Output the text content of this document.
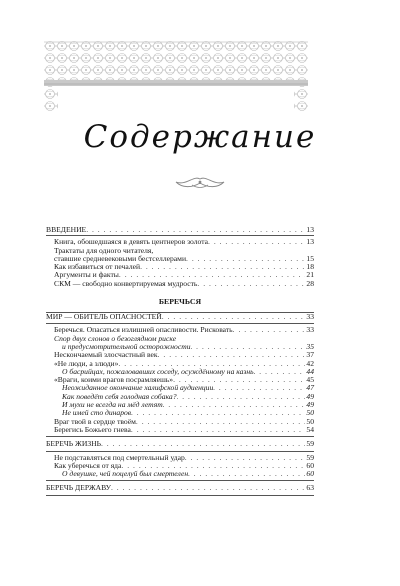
Содержание
ВВЕДЕНИЕ . . .	13
Книга, обошедшаяся в девять центнеров золота . . .	13
Трактаты для одного читателя,
ставшие средневековыми бестселлерами . . .	15
Как избавиться от печалей . . .	18
Аргументы и факты . . .	21
СКМ — свободно конвертируемая мудрость . . .	28
БЕРЕЧЬСЯ
МИР — ОБИТЕЛЬ ОПАСНОСТЕЙ . . .	33
Беречься. Опасаться излишней опасливости. Рисковать . . .	33
Спор двух слонов о безоглядном риске
и предусмотрительной осторожности . . .	35
Нескончаемый злосчастный век . . .	37
«Не люди, а злюди» . . .	42
О басрийцах, пожаловавших соседу, осуждённому на казнь . . .	44
«Враги, коими врагов посрамляешь» . . .	45
Неожиданное окончание халифской аудиенции . . .	47
Как поведёт себя голодная собака? . . .	49
И мухи не всегда на мёд летят . . .	49
Не имей сто динаров . . .	50
Враг твой в сердце твоём . . .	50
Берегись Божьего гнева . . .	54
БЕРЕЧЬ ЖИЗНЬ . . .	59
Не подставляться под смертельный удар . . .	59
Как уберечься от яда . . .	60
О девушке, чей поцелуй был смертелен . . .	60
БЕРЕЧЬ ДЕРЖАВУ . . .	63
